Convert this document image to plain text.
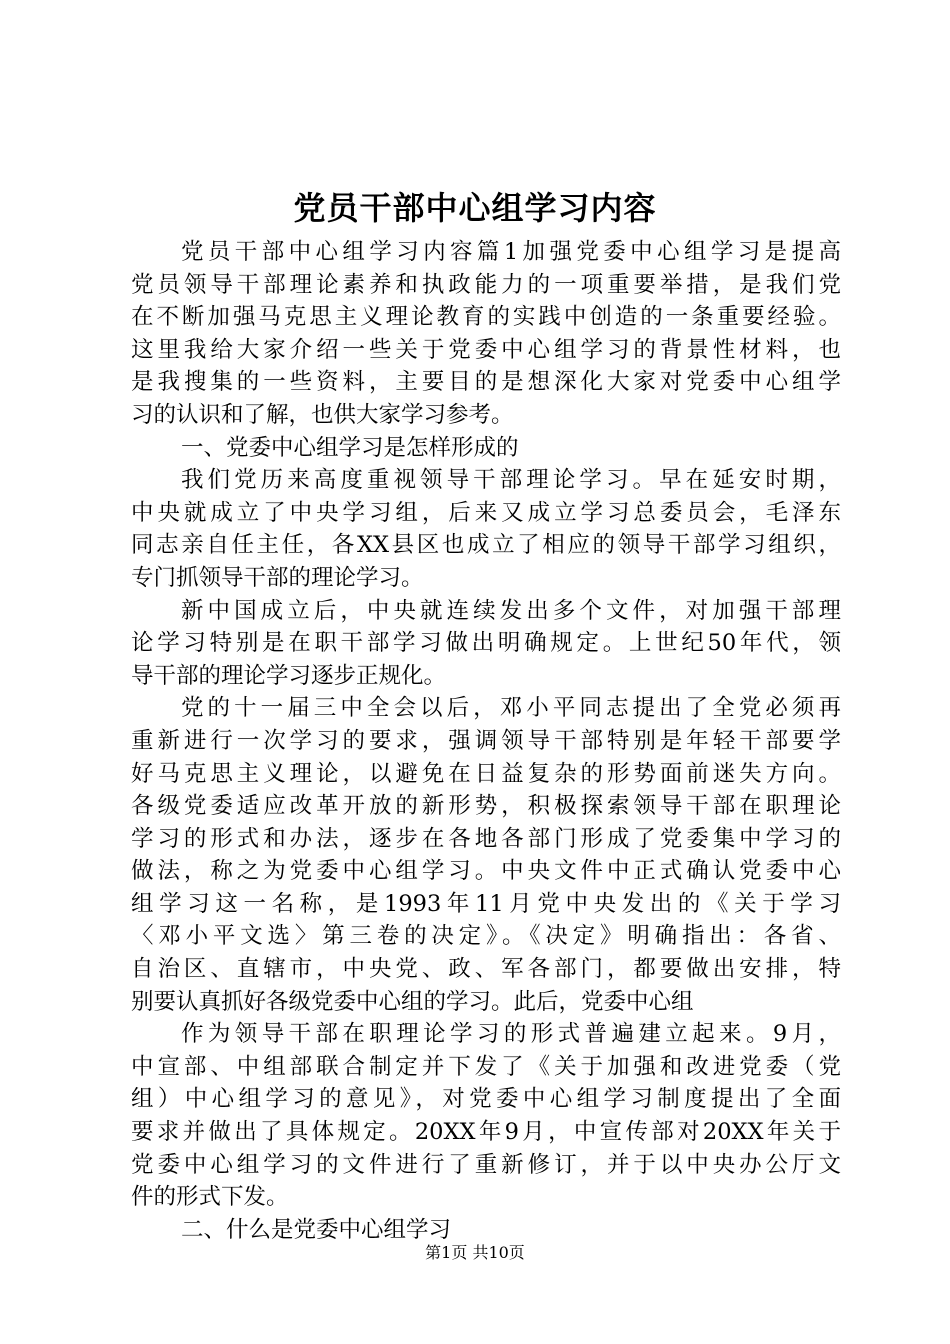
党员干部中心组学习内容
党员干部中心组学习内容篇1加强党委中心组学习是提高
党员领导干部理论素养和执政能力的一项重要举措，是我们党
在不断加强马克思主义理论教育的实践中创造的一条重要经验。
这里我给大家介绍一些关于党委中心组学习的背景性材料，也
是我搜集的一些资料，主要目的是想深化大家对党委中心组学
习的认识和了解，也供大家学习参考。
一、党委中心组学习是怎样形成的
我们党历来高度重视领导干部理论学习。早在延安时期，
中央就成立了中央学习组，后来又成立学习总委员会，毛泽东
同志亲自任主任，各XX县区也成立了相应的领导干部学习组织，
专门抓领导干部的理论学习。
新中国成立后，中央就连续发出多个文件，对加强干部理
论学习特别是在职干部学习做出明确规定。上世纪50年代，领
导干部的理论学习逐步正规化。
党的十一届三中全会以后，邓小平同志提出了全党必须再
重新进行一次学习的要求，强调领导干部特别是年轻干部要学
好马克思主义理论，以避免在日益复杂的形势面前迷失方向。
各级党委适应改革开放的新形势，积极探索领导干部在职理论
学习的形式和办法，逐步在各地各部门形成了党委集中学习的
做法，称之为党委中心组学习。中央文件中正式确认党委中心
组学习这一名称，是1993年11月党中央发出的《关于学习
〈邓小平文选〉第三卷的决定》。《决定》明确指出：各省、
自治区、直辖市，中央党、政、军各部门，都要做出安排，特
别要认真抓好各级党委中心组的学习。此后，党委中心组
作为领导干部在职理论学习的形式普遍建立起来。9月，
中宣部、中组部联合制定并下发了《关于加强和改进党委（党
组）中心组学习的意见》，对党委中心组学习制度提出了全面
要求并做出了具体规定。20XX年9月，中宣传部对20XX年关于
党委中心组学习的文件进行了重新修订，并于以中央办公厅文
件的形式下发。
二、什么是党委中心组学习
第1页 共10页
